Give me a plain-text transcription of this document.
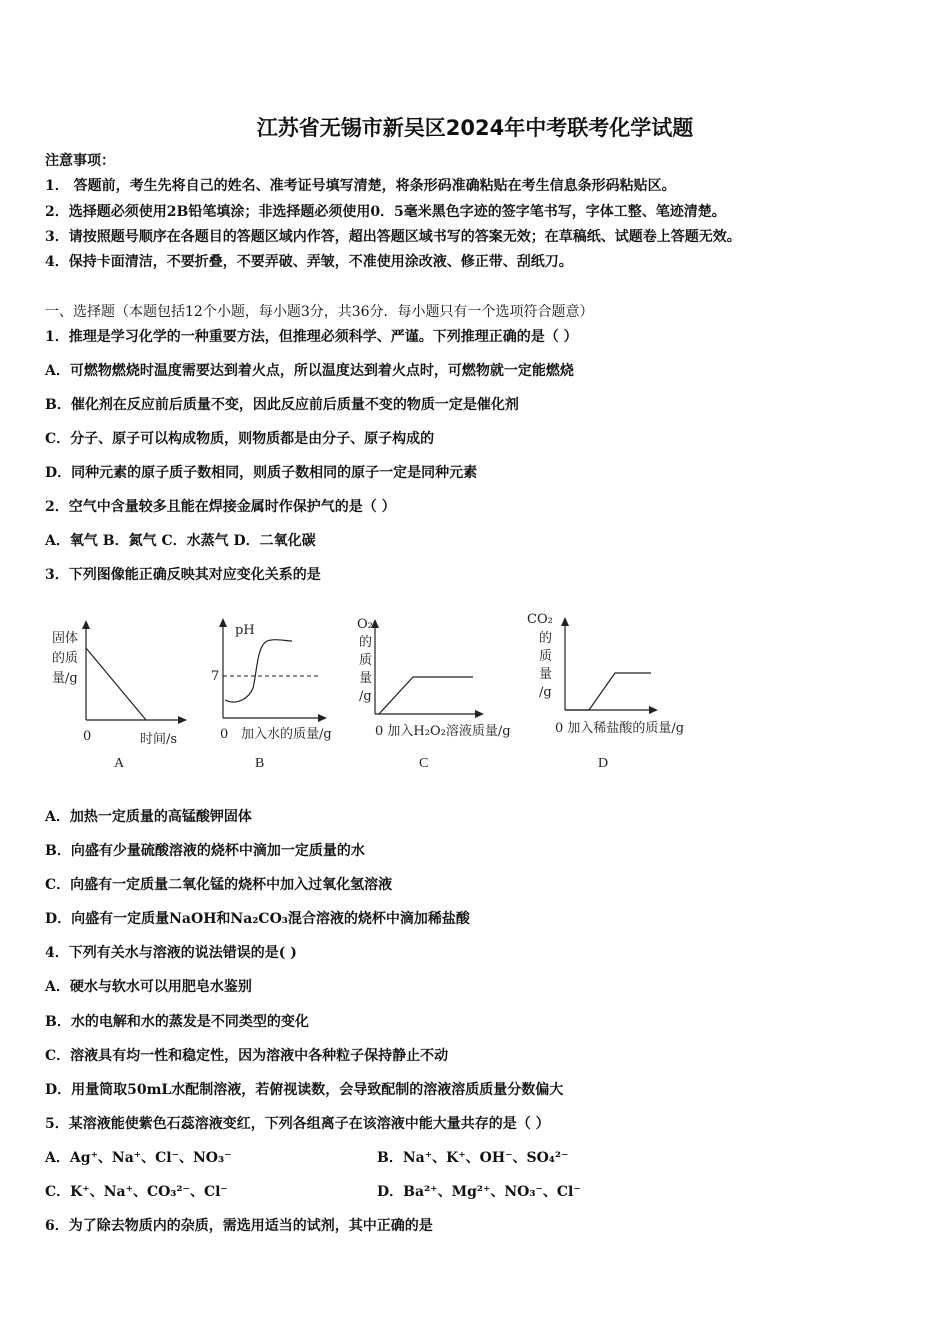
江苏省无锡市新吴区2024年中考联考化学试题
注意事项：
1． 答题前，考生先将自己的姓名、准考证号填写清楚，将条形码准确粘贴在考生信息条形码粘贴区。
2．选择题必须使用2B铅笔填涂；非选择题必须使用0．5毫米黑色字迹的签字笔书写，字体工整、笔迹清楚。
3．请按照题号顺序在各题目的答题区域内作答，超出答题区域书写的答案无效；在草稿纸、试题卷上答题无效。
4．保持卡面清洁，不要折叠，不要弄破、弄皱，不准使用涂改液、修正带、刮纸刀。
一、选择题（本题包括12个小题，每小题3分，共36分．每小题只有一个选项符合题意）
1．推理是学习化学的一种重要方法，但推理必须科学、严谨。下列推理正确的是（ ）
A．可燃物燃烧时温度需要达到着火点，所以温度达到着火点时，可燃物就一定能燃烧
B．催化剂在反应前后质量不变，因此反应前后质量不变的物质一定是催化剂
C．分子、原子可以构成物质，则物质都是由分子、原子构成的
D．同种元素的原子质子数相同，则质子数相同的原子一定是同种元素
2．空气中含量较多且能在焊接金属时作保护气的是（ ）
A．氧气 B．氮气 C．水蒸气 D．二氧化碳
3．下列图像能正确反映其对应变化关系的是
固体
的质
量/g
0	时间/s
A
pH
7
0 加入水的质量/g
B
O₂
的
质
量
/g
0 加入H₂O₂溶液质量/g
C
CO₂
的
质
量
/g
0 加入稀盐酸的质量/g
D
A．加热一定质量的高锰酸钾固体
B．向盛有少量硫酸溶液的烧杯中滴加一定质量的水
C．向盛有一定质量二氧化锰的烧杯中加入过氧化氢溶液
D．向盛有一定质量NaOH和Na₂CO₃混合溶液的烧杯中滴加稀盐酸
4．下列有关水与溶液的说法错误的是( )
A．硬水与软水可以用肥皂水鉴别
B．水的电解和水的蒸发是不同类型的变化
C．溶液具有均一性和稳定性，因为溶液中各种粒子保持静止不动
D．用量筒取50mL水配制溶液，若俯视读数，会导致配制的溶液溶质质量分数偏大
5．某溶液能使紫色石蕊溶液变红，下列各组离子在该溶液中能大量共存的是（ ）
A．Ag⁺、Na⁺、Cl⁻、NO₃⁻	B．Na⁺、K⁺、OH⁻、SO₄²⁻
C．K⁺、Na⁺、CO₃²⁻、Cl⁻	D．Ba²⁺、Mg²⁺、NO₃⁻、Cl⁻
6．为了除去物质内的杂质，需选用适当的试剂，其中正确的是
